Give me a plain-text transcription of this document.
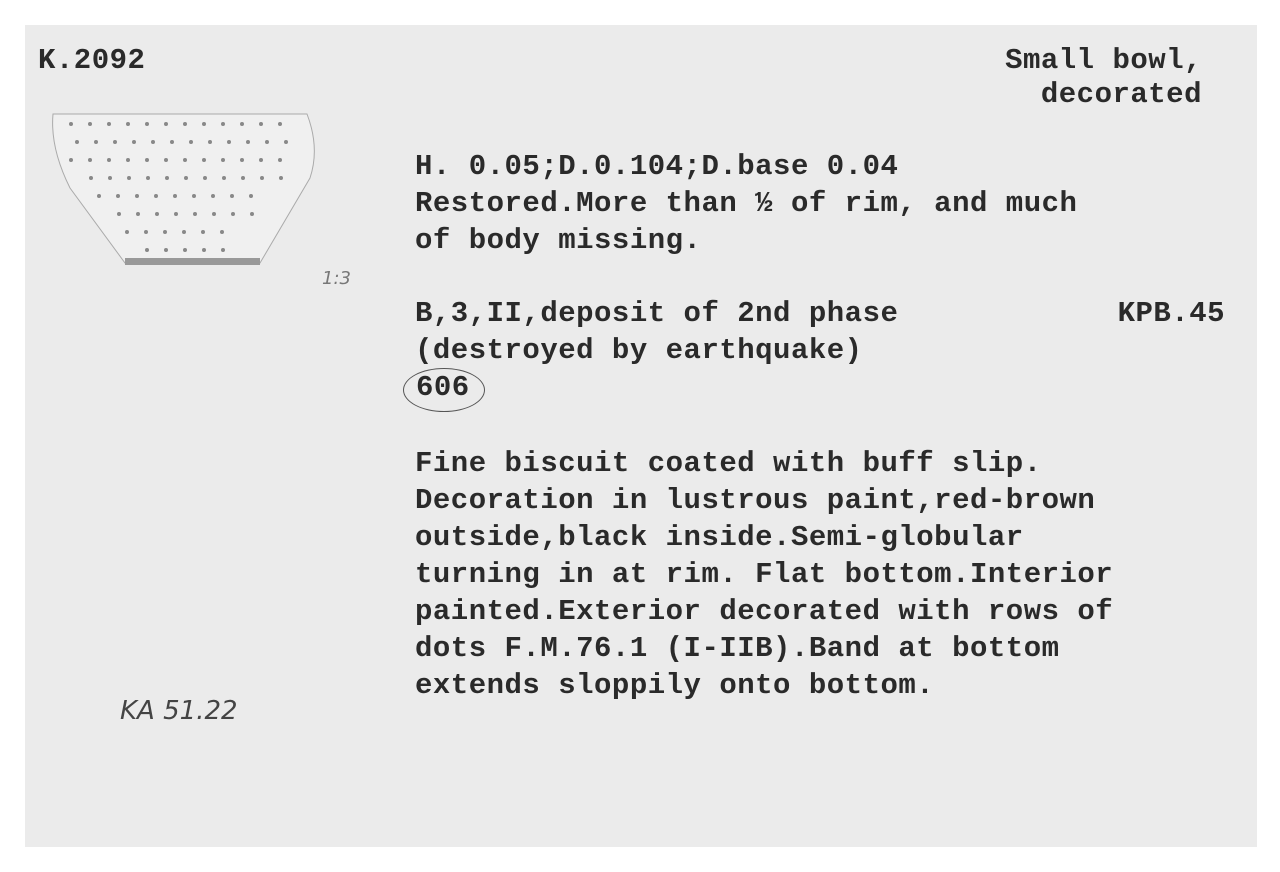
K.2092	Small bowl,
decorated
1:3
H. 0.05;D.0.104;D.base 0.04
Restored.More than ½ of rim, and much
of body missing.
B,3,II,deposit of 2nd phase	KPB.45
(destroyed by earthquake)
606
Fine biscuit coated with buff slip.
Decoration in lustrous paint,red-brown
outside,black inside.Semi-globular
turning in at rim. Flat bottom.Interior
painted.Exterior decorated with rows of
dots F.M.76.1 (I-IIB).Band at bottom
extends sloppily onto bottom.
KA 51.22
